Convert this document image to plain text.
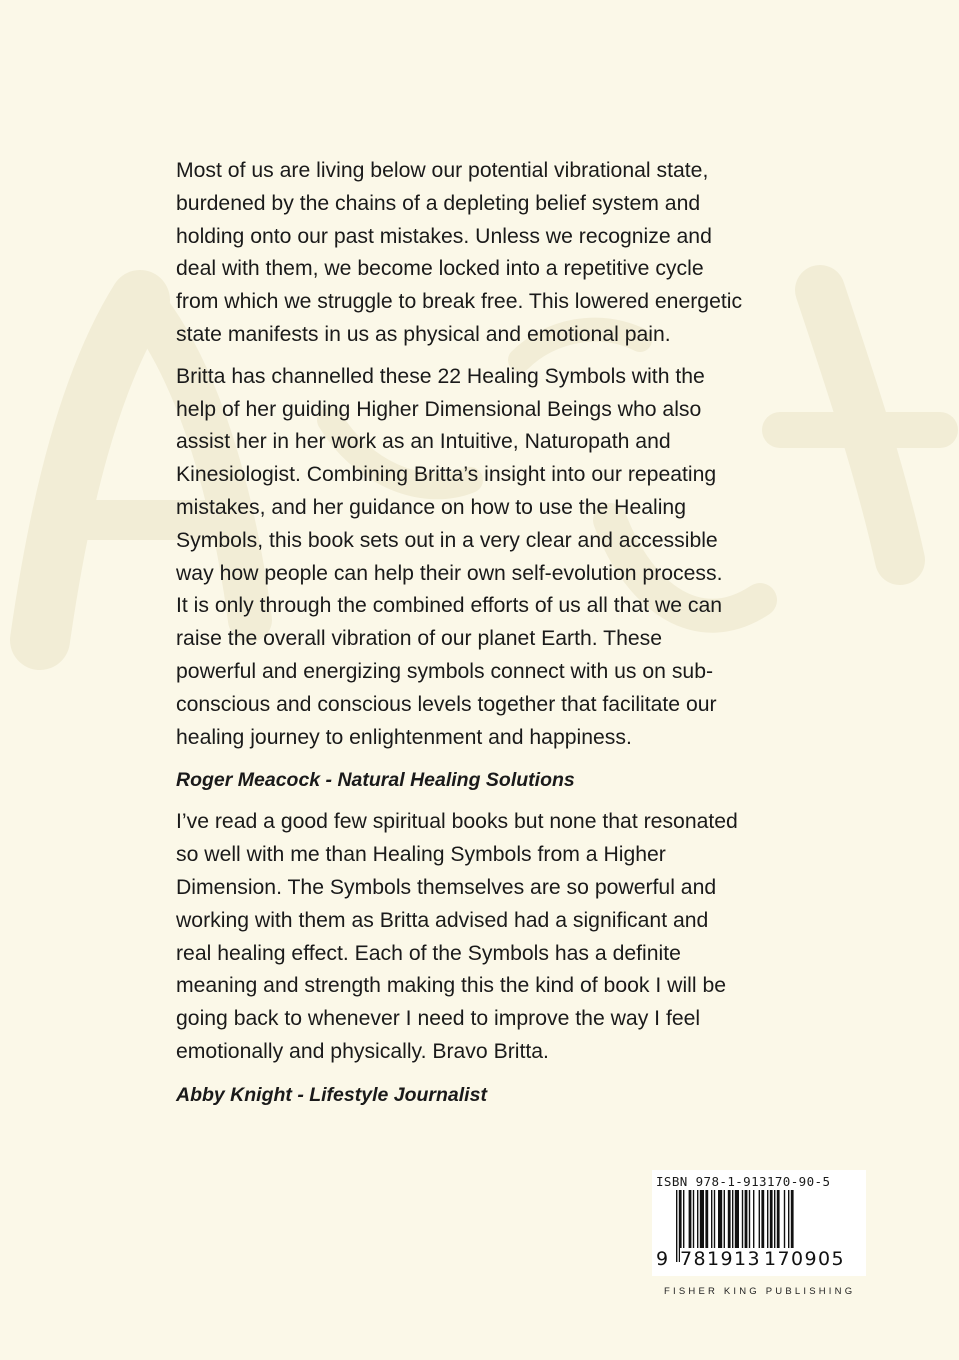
Most of us are living below our potential vibrational state,
burdened by the chains of a depleting belief system and
holding onto our past mistakes. Unless we recognize and
deal with them, we become locked into a repetitive cycle
from which we struggle to break free. This lowered energetic
state manifests in us as physical and emotional pain.

Britta has channelled these 22 Healing Symbols with the
help of her guiding Higher Dimensional Beings who also
assist her in her work as an Intuitive, Naturopath and
Kinesiologist. Combining Britta’s insight into our repeating
mistakes, and her guidance on how to use the Healing
Symbols, this book sets out in a very clear and accessible
way how people can help their own self-evolution process.
It is only through the combined efforts of us all that we can
raise the overall vibration of our planet Earth. These
powerful and energizing symbols connect with us on sub-
conscious and conscious levels together that facilitate our
healing journey to enlightenment and happiness.

Roger Meacock - Natural Healing Solutions

I’ve read a good few spiritual books but none that resonated
so well with me than Healing Symbols from a Higher
Dimension. The Symbols themselves are so powerful and
working with them as Britta advised had a significant and
real healing effect. Each of the Symbols has a definite
meaning and strength making this the kind of book I will be
going back to whenever I need to improve the way I feel
emotionally and physically. Bravo Britta.

Abby Knight - Lifestyle Journalist

ISBN 978-1-913170-90-5
9 781913 170905
FISHER KING PUBLISHING
